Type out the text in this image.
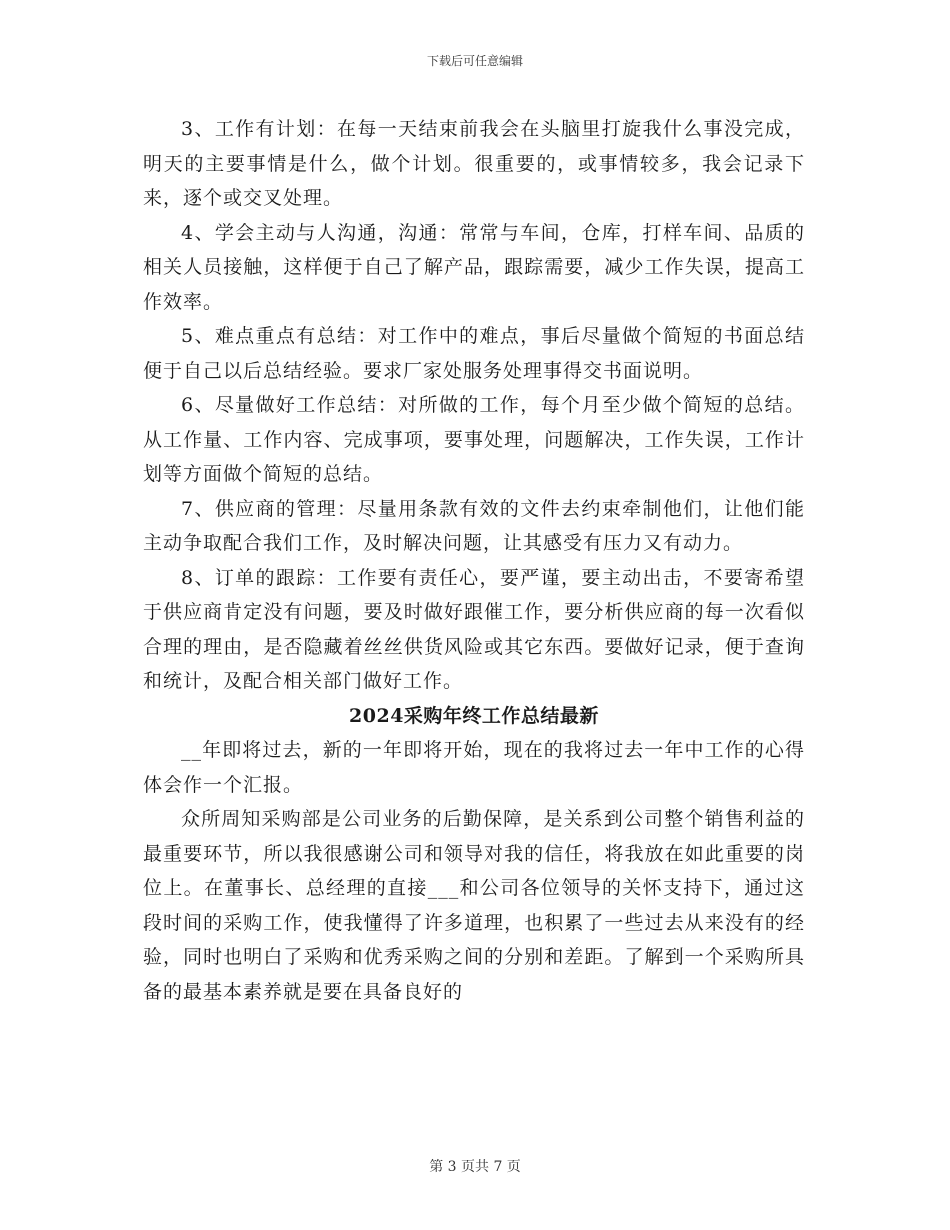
下载后可任意编辑

3、工作有计划：在每一天结束前我会在头脑里打旋我什么事没完成，明天的主要事情是什么，做个计划。很重要的，或事情较多，我会记录下来，逐个或交叉处理。

4、学会主动与人沟通，沟通：常常与车间，仓库，打样车间、品质的相关人员接触，这样便于自己了解产品，跟踪需要，减少工作失误，提高工作效率。

5、难点重点有总结：对工作中的难点，事后尽量做个简短的书面总结便于自己以后总结经验。要求厂家处服务处理事得交书面说明。

6、尽量做好工作总结：对所做的工作，每个月至少做个简短的总结。从工作量、工作内容、完成事项，要事处理，问题解决，工作失误，工作计划等方面做个简短的总结。

7、供应商的管理：尽量用条款有效的文件去约束牵制他们，让他们能主动争取配合我们工作，及时解决问题，让其感受有压力又有动力。

8、订单的跟踪：工作要有责任心，要严谨，要主动出击，不要寄希望于供应商肯定没有问题，要及时做好跟催工作，要分析供应商的每一次看似合理的理由，是否隐藏着丝丝供货风险或其它东西。要做好记录，便于查询和统计，及配合相关部门做好工作。

2024采购年终工作总结最新

__年即将过去，新的一年即将开始，现在的我将过去一年中工作的心得体会作一个汇报。

众所周知采购部是公司业务的后勤保障，是关系到公司整个销售利益的最重要环节，所以我很感谢公司和领导对我的信任，将我放在如此重要的岗位上。在董事长、总经理的直接___和公司各位领导的关怀支持下，通过这段时间的采购工作，使我懂得了许多道理，也积累了一些过去从来没有的经验，同时也明白了采购和优秀采购之间的分别和差距。了解到一个采购所具备的最基本素养就是要在具备良好的

第 3 页共 7 页
